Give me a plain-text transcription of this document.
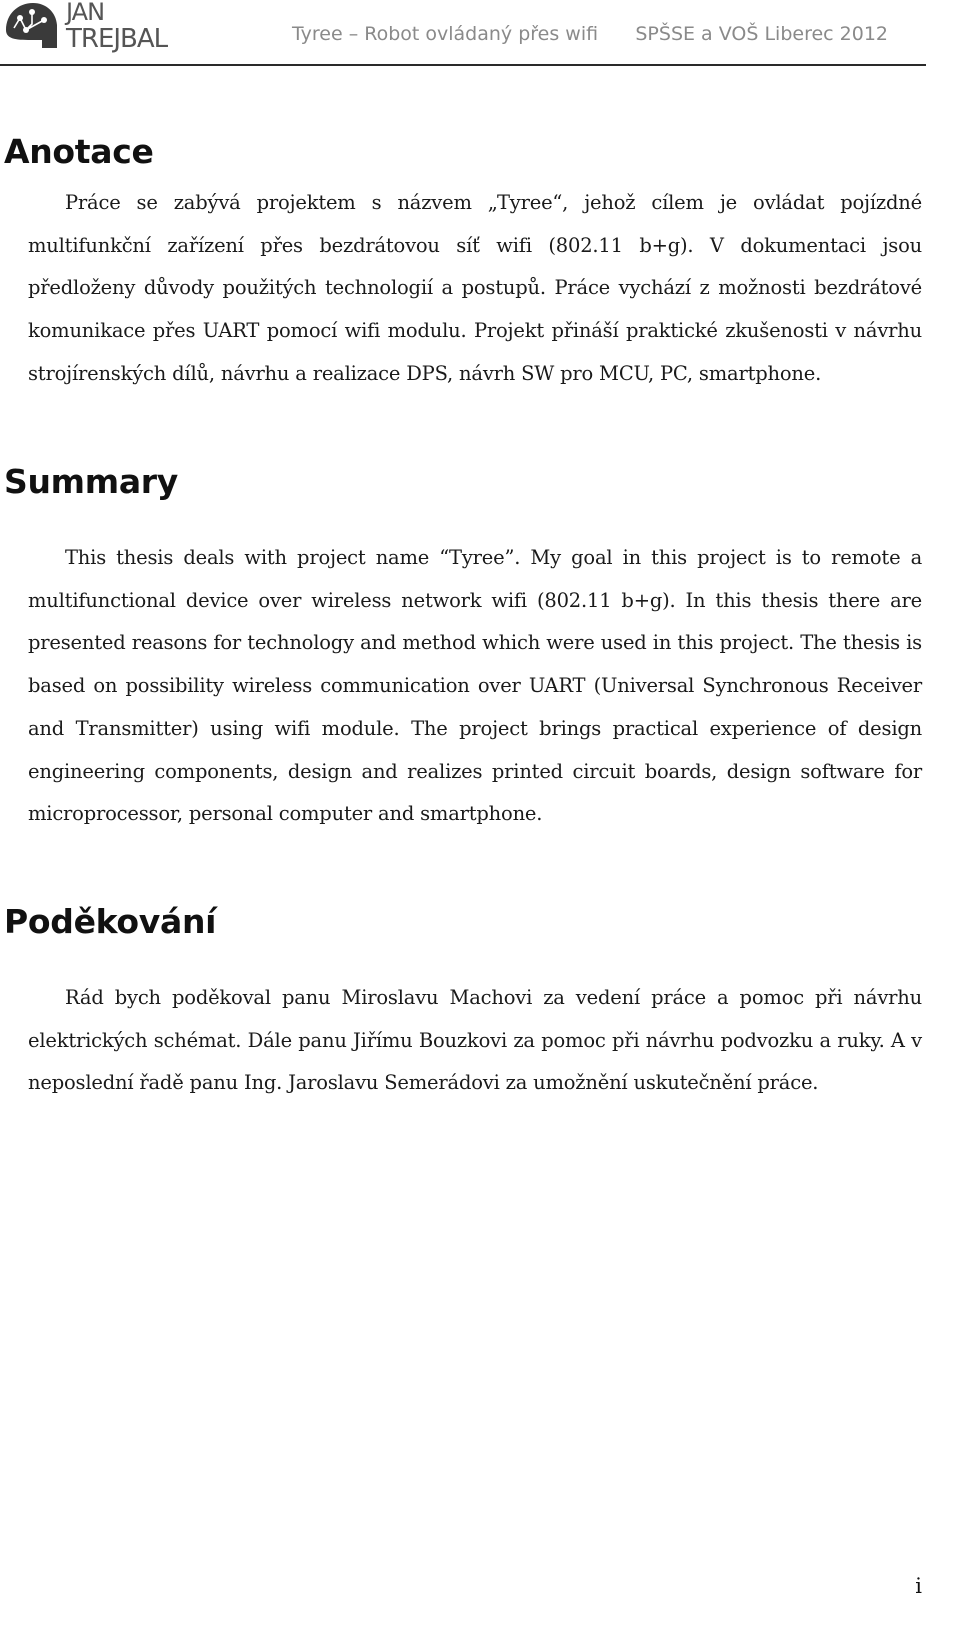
JAN
TREJBAL	Tyree – Robot ovládaný přes wifi SPŠSE a VOŠ Liberec 2012
Anotace

Práce se zabývá projektem s názvem „Tyree“, jehož cílem je ovládat pojízdné multifunkční zařízení přes bezdrátovou síť wifi (802.11 b+g). V dokumentaci jsou předloženy důvody použitých technologií a postupů. Práce vychází z možnosti bezdrátové komunikace přes UART pomocí wifi modulu. Projekt přináší praktické zkušenosti v návrhu strojírenských dílů, návrhu a realizace DPS, návrh SW pro MCU, PC, smartphone.

Summary

This thesis deals with project name “Tyree”. My goal in this project is to remote a multifunctional device over wireless network wifi (802.11 b+g). In this thesis there are presented reasons for technology and method which were used in this project. The thesis is based on possibility wireless communication over UART (Universal Synchronous Receiver and Transmitter) using wifi module. The project brings practical experience of design engineering components, design and realizes printed circuit boards, design software for microprocessor, personal computer and smartphone.

Poděkování

Rád bych poděkoval panu Miroslavu Machovi za vedení práce a pomoc při návrhu elektrických schémat. Dále panu Jiřímu Bouzkovi za pomoc při návrhu podvozku a ruky. A v neposlední řadě panu Ing. Jaroslavu Semerádovi za umožnění uskutečnění práce.

i
